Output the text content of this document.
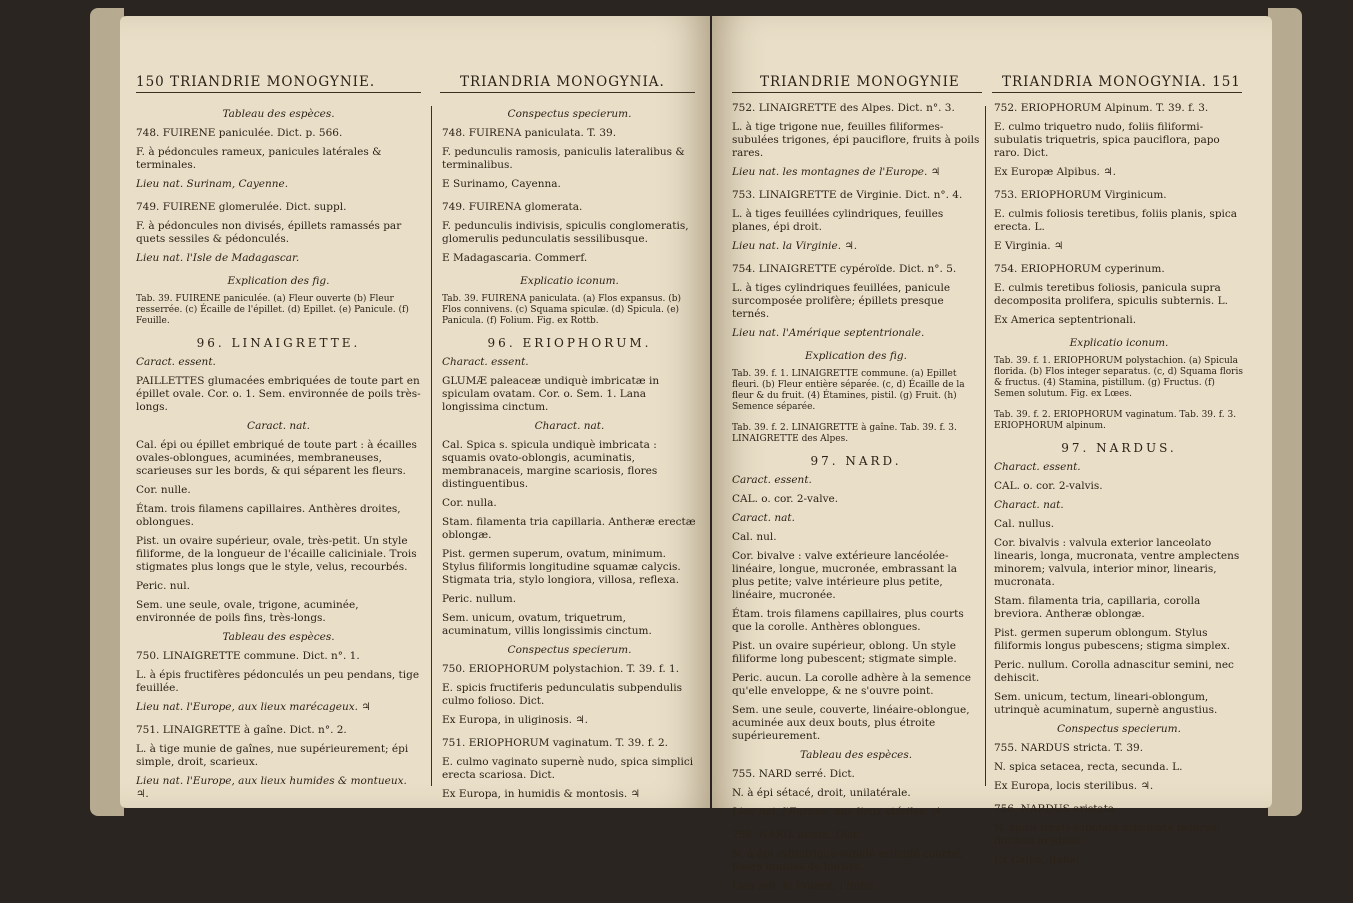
150 TRIANDRIE MONOGYNIE.	TRIANDRIA MONOGYNIA.
Tableau des espèces.

748. FUIRENE paniculée. Dict. p. 566.

F. à pédoncules rameux, panicules latérales & terminales.

Lieu nat. Surinam, Cayenne.

749. FUIRENE glomerulée. Dict. suppl.

F. à pédoncules non divisés, épillets ramassés par quets sessiles & pédonculés.

Lieu nat. l'Isle de Madagascar.

Explication des fig.
Tab. 39. FUIRENE paniculée. (a) Fleur ouverte (b) Fleur resserrée. (c) Écaille de l'épillet. (d) Epillet. (e) Panicule. (f) Feuille.
96. LINAIGRETTE.

Caract. essent.

PAILLETTES glumacées embriquées de toute part en épillet ovale. Cor. o. 1. Sem. environnée de poils très-longs.

Caract. nat.

Cal. épi ou épillet embriqué de toute part : à écailles ovales-oblongues, acuminées, membraneuses, scarieuses sur les bords, & qui séparent les fleurs.

Cor. nulle.

Étam. trois filamens capillaires. Anthères droites, oblongues.

Pist. un ovaire supérieur, ovale, très-petit. Un style filiforme, de la longueur de l'écaille caliciniale. Trois stigmates plus longs que le style, velus, recourbés.

Peric. nul.

Sem. une seule, ovale, trigone, acuminée, environnée de poils fins, très-longs.

Tableau des espèces.

750. LINAIGRETTE commune. Dict. n°. 1.

L. à épis fructifères pédonculés un peu pendans, tige feuillée.

Lieu nat. l'Europe, aux lieux marécageux. ♃

751. LINAIGRETTE à gaîne. Dict. n°. 2.

L. à tige munie de gaînes, nue supérieurement; épi simple, droit, scarieux.

Lieu nat. l'Europe, aux lieux humides & montueux. ♃.

Conspectus specierum.

748. FUIRENA paniculata. T. 39.

F. pedunculis ramosis, paniculis lateralibus & terminalibus.

E Surinamo, Cayenna.

749. FUIRENA glomerata.

F. pedunculis indivisis, spiculis conglomeratis, glomerulis pedunculatis sessilibusque.

E Madagascaria. Commerf.

Explicatio iconum.
Tab. 39. FUIRENA paniculata. (a) Flos expansus. (b) Flos connivens. (c) Squama spiculæ. (d) Spicula. (e) Panicula. (f) Folium. Fig. ex Rottb.
96. ERIOPHORUM.

Charact. essent.

GLUMÆ paleaceæ undiquè imbricatæ in spiculam ovatam. Cor. o. Sem. 1. Lana longissima cinctum.

Charact. nat.

Cal. Spica s. spicula undiquè imbricata : squamis ovato-oblongis, acuminatis, membranaceis, margine scariosis, flores distinguentibus.

Cor. nulla.

Stam. filamenta tria capillaria. Antheræ erectæ oblongæ.

Pist. germen superum, ovatum, minimum. Stylus filiformis longitudine squamæ calycis. Stigmata tria, stylo longiora, villosa, reflexa.

Peric. nullum.

Sem. unicum, ovatum, triquetrum, acuminatum, villis longissimis cinctum.

Conspectus specierum.

750. ERIOPHORUM polystachion. T. 39. f. 1.

E. spicis fructiferis pedunculatis subpendulis culmo folioso. Dict.

Ex Europa, in uliginosis. ♃.

751. ERIOPHORUM vaginatum. T. 39. f. 2.

E. culmo vaginato supernè nudo, spica simplici erecta scariosa. Dict.

Ex Europa, in humidis & montosis. ♃

TRIANDRIE MONOGYNIE	TRIANDRIA MONOGYNIA. 151

752. LINAIGRETTE des Alpes. Dict. n°. 3.

L. à tige trigone nue, feuilles filiformes-subulées trigones, épi pauciflore, fruits à poils rares.

Lieu nat. les montagnes de l'Europe. ♃

753. LINAIGRETTE de Virginie. Dict. n°. 4.

L. à tiges feuillées cylindriques, feuilles planes, épi droit.

Lieu nat. la Virginie. ♃.

754. LINAIGRETTE cypéroïde. Dict. n°. 5.

L. à tiges cylindriques feuillées, panicule surcomposée prolifère; épillets presque ternés.

Lieu nat. l'Amérique septentrionale.

Explication des fig.
Tab. 39. f. 1. LINAIGRETTE commune. (a) Epillet fleuri. (b) Fleur entière séparée. (c, d) Écaille de la fleur & du fruit. (4) Étamines, pistil. (g) Fruit. (h) Semence séparée.
Tab. 39. f. 2. LINAIGRETTE à gaîne. Tab. 39. f. 3. LINAIGRETTE des Alpes.
97. NARD.

Caract. essent.

CAL. o. cor. 2-valve.

Caract. nat.

Cal. nul.

Cor. bivalve : valve extérieure lancéolée-linéaire, longue, mucronée, embrassant la plus petite; valve intérieure plus petite, linéaire, mucronée.

Étam. trois filamens capillaires, plus courts que la corolle. Anthères oblongues.

Pist. un ovaire supérieur, oblong. Un style filiforme long pubescent; stigmate simple.

Peric. aucun. La corolle adhère à la semence qu'elle enveloppe, & ne s'ouvre point.

Sem. une seule, couverte, linéaire-oblongue, acuminée aux deux bouts, plus étroite supérieurement.

Tableau des espèces.

755. NARD serré. Dict.

N. à épi sétacé, droit, unilatérale.

Lieu nat. l'Europe, aux lieux stériles. ♃

756. NARD. aristé. Dict.

N. à épi cylindrique-subulé articulé courbé, fleurs munies de barbes.

Lieu nat. la France, l'Italie.

752. ERIOPHORUM Alpinum. T. 39. f. 3.

E. culmo triquetro nudo, foliis filiformi-subulatis triquetris, spica pauciflora, papo raro. Dict.

Ex Europæ Alpibus. ♃.

753. ERIOPHORUM Virginicum.

E. culmis foliosis teretibus, foliis planis, spica erecta. L.

E Virginia. ♃

754. ERIOPHORUM cyperinum.

E. culmis teretibus foliosis, panicula supra decomposita prolifera, spiculis subternis. L.

Ex America septentrionali.

Explicatio iconum.
Tab. 39. f. 1. ERIOPHORUM polystachion. (a) Spicula florida. (b) Flos integer separatus. (c, d) Squama floris & fructus. (4) Stamina, pistillum. (g) Fructus. (f) Semen solutum. Fig. ex Lœes.
Tab. 39. f. 2. ERIOPHORUM vaginatum. Tab. 39. f. 3. ERIOPHORUM alpinum.
97. NARDUS.

Charact. essent.

CAL. o. cor. 2-valvis.

Charact. nat.

Cal. nullus.

Cor. bivalvis : valvula exterior lanceolato linearis, longa, mucronata, ventre amplectens minorem; valvula, interior minor, linearis, mucronata.

Stam. filamenta tria, capillaria, corolla breviora. Antheræ oblongæ.

Pist. germen superum oblongum. Stylus filiformis longus pubescens; stigma simplex.

Peric. nullum. Corolla adnascitur semini, nec dehiscit.

Sem. unicum, tectum, lineari-oblongum, utrinquè acuminatum, supernè angustius.

Conspectus specierum.

755. NARDUS stricta. T. 39.

N. spica setacea, recta, secunda. L.

Ex Europa, locis sterilibus. ♃.

756. NARDUS aristata.

N. spica tereti-subulata articulata incurva; floribus aristatis.

Ex Gallia, Italia.
